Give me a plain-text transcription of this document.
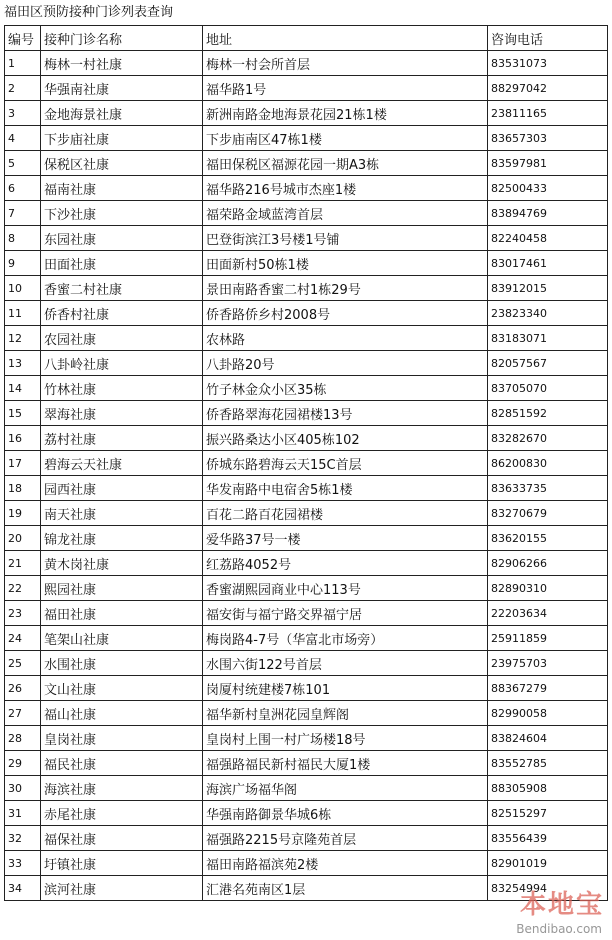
福田区预防接种门诊列表查询
编号	接种门诊名称	地址	咨询电话
1	梅林一村社康	梅林一村会所首层	83531073
2	华强南社康	福华路1号	88297042
3	金地海景社康	新洲南路金地海景花园21栋1楼	23811165
4	下步庙社康	下步庙南区47栋1楼	83657303
5	保税区社康	福田保税区福源花园一期A3栋	83597981
6	福南社康	福华路216号城市杰座1楼	82500433
7	下沙社康	福荣路金域蓝湾首层	83894769
8	东园社康	巴登街滨江3号楼1号铺	82240458
9	田面社康	田面新村50栋1楼	83017461
10	香蜜二村社康	景田南路香蜜二村1栋29号	83912015
11	侨香村社康	侨香路侨乡村2008号	23823340
12	农园社康	农林路	83183071
13	八卦岭社康	八卦路20号	82057567
14	竹林社康	竹子林金众小区35栋	83705070
15	翠海社康	侨香路翠海花园裙楼13号	82851592
16	荔村社康	振兴路桑达小区405栋102	83282670
17	碧海云天社康	侨城东路碧海云天15C首层	86200830
18	园西社康	华发南路中电宿舍5栋1楼	83633735
19	南天社康	百花二路百花园裙楼	83270679
20	锦龙社康	爱华路37号一楼	83620155
21	黄木岗社康	红荔路4052号	82906266
22	熙园社康	香蜜湖熙园商业中心113号	82890310
23	福田社康	福安街与福宁路交界福宁居	22203634
24	笔架山社康	梅岗路4-7号（华富北市场旁）	25911859
25	水围社康	水围六街122号首层	23975703
26	文山社康	岗厦村统建楼7栋101	88367279
27	福山社康	福华新村皇洲花园皇辉阁	82990058
28	皇岗社康	皇岗村上围一村广场楼18号	83824604
29	福民社康	福强路福民新村福民大厦1楼	83552785
30	海滨社康	海滨广场福华阁	88305908
31	赤尾社康	华强南路御景华城6栋	82515297
32	福保社康	福强路2215号京隆苑首层	83556439
33	圩镇社康	福田南路福滨苑2楼	82901019
34	滨河社康	汇港名苑南区1层	83254994
本地宝
Bendibao.com
